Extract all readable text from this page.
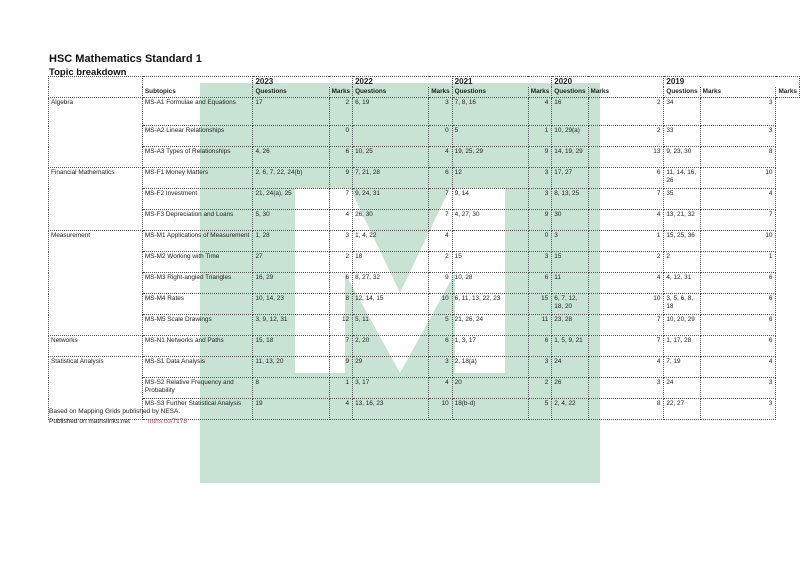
HSC Mathematics Standard 1

Topic breakdown

		2023		2022		2021		2020		2019		
	Subtopics	Questions	Marks	Questions	Marks	Questions	Marks	Questions	Marks	Questions	Marks	Marks
Algebra	MS-A1 Formulae and Equations	17	2	6, 19	3	7, 8, 16	4	16	2	34	3	
	MS-A2 Linear Relationships		0		0	5	1	10, 29(a)	2	33	3	
	MS-A3 Types of Relationships	4, 26	6	10, 25	4	19, 25, 29	9	14, 19, 29	13	9, 23, 30	8	
Financial Mathematics	MS-F1 Money Matters	2, 6, 7, 22, 24(b)	9	7, 21, 28	6	12	3	17, 27	6	11, 14, 16, 26	10	
	MS-F2 Investment	21, 24(a), 25	7	9, 24, 31	7	9, 14	3	8, 13, 25	7	35	4	
	MS-F3 Depreciation and Loans	5, 30	4	26, 30	7	4, 27, 30	9	30	4	13, 21, 32	7	
Measurement	MS-M1 Applications of Measurement	1, 28	3	1, 4, 22	4		0	3	1	15, 25, 36	10	
	MS-M2 Working with Time	27	2	18	2	15	3	15	2	2	1	
	MS-M3 Right-angled Triangles	16, 29	6	8, 27, 32	9	10, 28	6	11	4	4, 12, 31	6	
	MS-M4 Rates	10, 14, 23	8	12, 14, 15	10	6, 11, 13, 22, 23	15	6, 7, 12, 18, 20	10	3, 5, 6, 8, 18	6	
	MS-M5 Scale Drawings	3, 9, 12, 31	12	5, 11	5	21, 26, 24	11	23, 28	7	10, 20, 29	6	
Networks	MS-N1 Networks and Paths	15, 18	7	2, 20	6	1, 3, 17	6	1, 5, 9, 21	7	1, 17, 28	6	
Statistical Analysis	MS-S1 Data Analysis	11, 13, 20	9	29	3	2, 18(a)	3	24	4	7, 19	4	
	MS-S2 Relative Frequency and Probability	8	1	3, 17	4	20	2	26	3	24	3	
	MS-S3 Further Statistical Analysis	19	4	13, 16, 23	10	18(b-d)	5	2, 4, 22	8	22, 27	3	
Based on Mapping Grids published by NESA.
Published on mathslinks.net	mths.co/7178
